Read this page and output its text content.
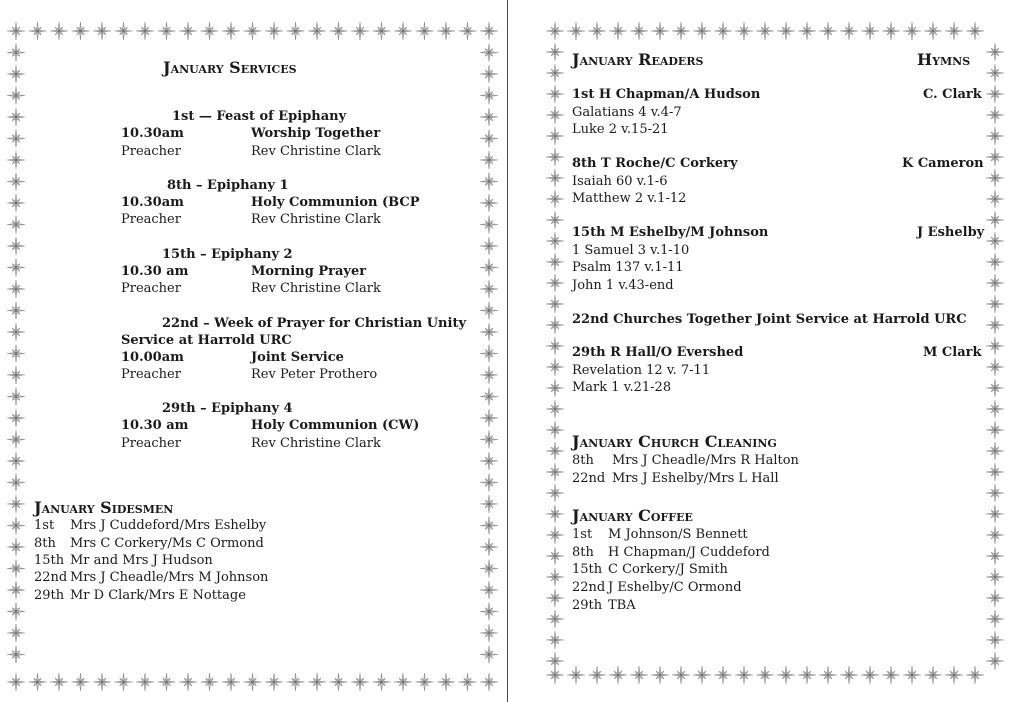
January Services
1st — Feast of Epiphany
10.30am	Worship Together
Preacher	Rev Christine Clark
8th – Epiphany 1
10.30am	Holy Communion (BCP
Preacher	Rev Christine Clark
15th – Epiphany 2
10.30 am	Morning Prayer
Preacher	Rev Christine Clark
22nd – Week of Prayer for Christian Unity
Service at Harrold URC
10.00am	Joint Service
Preacher	Rev Peter Prothero
29th – Epiphany 4
10.30 am	Holy Communion (CW)
Preacher	Rev Christine Clark
January Sidesmen
1st Mrs J Cuddeford/Mrs Eshelby
8th Mrs C Corkery/Ms C Ormond
15th Mr and Mrs J Hudson
22nd Mrs J Cheadle/Mrs M Johnson
29th Mr D Clark/Mrs E Nottage
January Readers	Hymns
1st H Chapman/A Hudson	C. Clark
Galatians 4 v.4-7
Luke 2 v.15-21
8th T Roche/C Corkery	K Cameron
Isaiah 60 v.1-6
Matthew 2 v.1-12
15th M Eshelby/M Johnson	J Eshelby
1 Samuel 3 v.1-10
Psalm 137 v.1-11
John 1 v.43-end
22nd Churches Together Joint Service at Harrold URC
29th R Hall/O Evershed	M Clark
Revelation 12 v. 7-11
Mark 1 v.21-28
January Church Cleaning
8th Mrs J Cheadle/Mrs R Halton
22nd Mrs J Eshelby/Mrs L Hall
January Coffee
1st M Johnson/S Bennett
8th H Chapman/J Cuddeford
15th C Corkery/J Smith
22nd J Eshelby/C Ormond
29th TBA
